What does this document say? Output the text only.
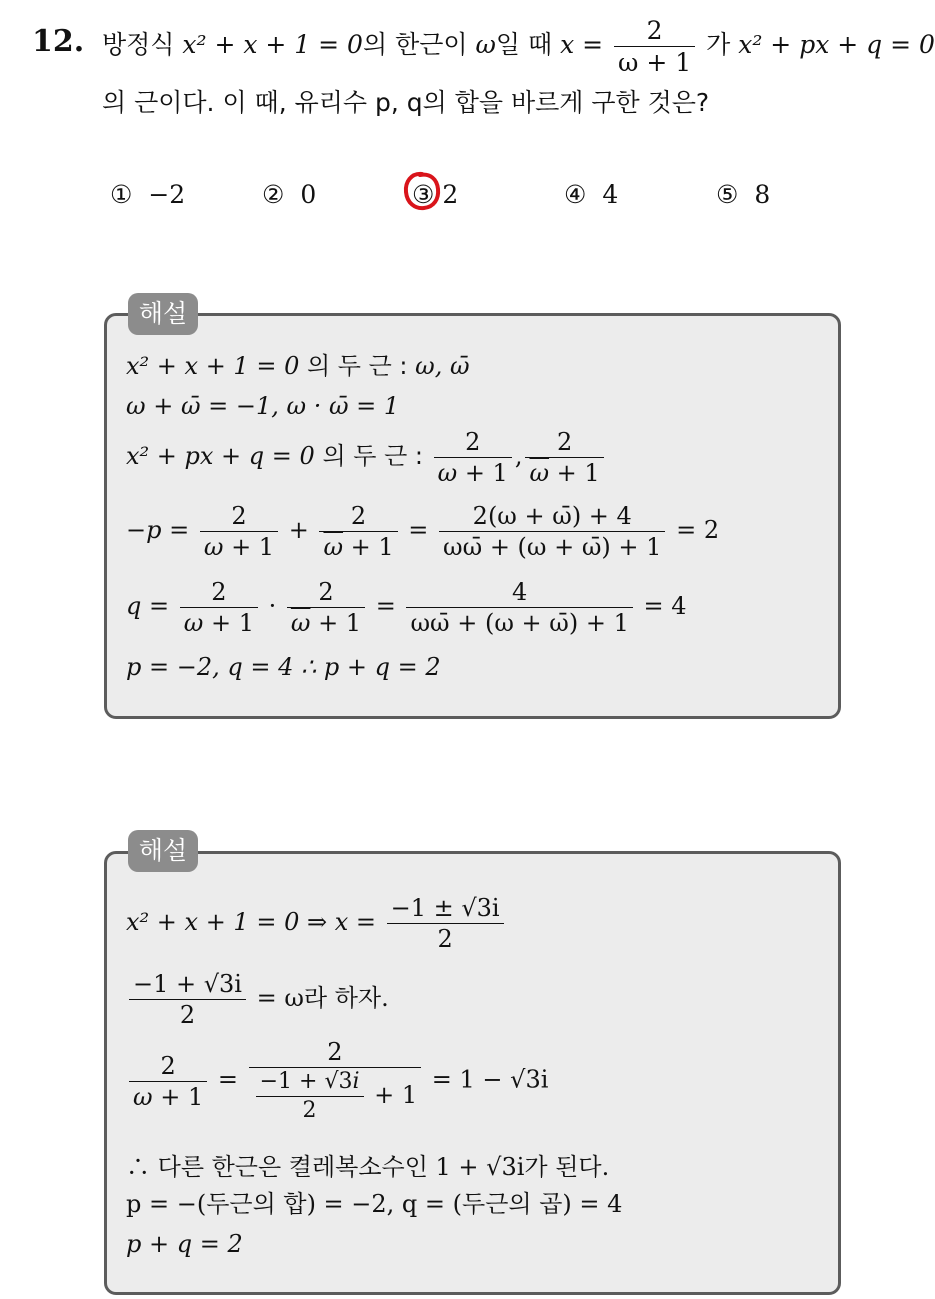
12. 방정식 x² + x + 1 = 0의 한근이 ω일 때 $x = \frac{2}{\omega + 1}$ 가 x² + px + q = 0
의 근이다. 이 때, 유리수 p, q의 합을 바르게 구한 것은?
① −2	② 0	③ 2	④ 4	⑤ 8
해설
x² + x + 1 = 0 의 두 근 : ω, ω̄
ω + ω̄ = −1, ω · ω̄ = 1
x² + px + q = 0 의 두 근 : $\frac{2}{\omega + 1}$ , $\frac{2}{\overline{\omega} + 1}$
$-p = \frac{2}{\omega + 1} + \frac{2}{\overline{\omega} + 1} = \frac{2(\omega + \omegā) + 4}{\omega\omegā + (\omega + \omegā) + 1} = 2$
$q = \frac{2}{\omega + 1} \cdot \frac{2}{\overline{\omega} + 1} = \frac{4}{\omega\omegā + (\omega + \omegā) + 1} = 4$
p = −2, q = 4 ∴ p + q = 2
해설
x² + x + 1 = 0 ⇒ $x = \frac{-1 \pm √3i}{2}$
$\frac{-1 + √3i}{2} = \omega$라 하자.
$\frac{2}{\omega + 1} = \frac{2}{\frac{-1 + √3i}{2} + 1} = 1 - √3i$
∴ 다른 한근은 켤레복소수인 1 + √3i가 된다.
p = −(두근의 합) = −2, q = (두근의 곱) = 4
p + q = 2
